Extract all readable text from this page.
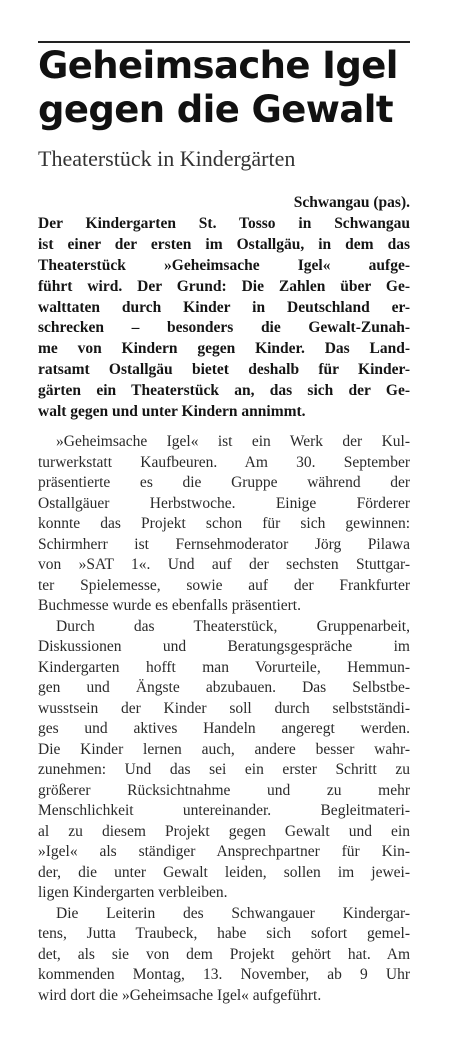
Geheimsache Igel
gegen die Gewalt
Theaterstück in Kindergärten
Schwangau (pas).
Der Kindergarten St. Tosso in Schwangau
ist einer der ersten im Ostallgäu, in dem das
Theaterstück »Geheimsache Igel« aufge-
führt wird. Der Grund: Die Zahlen über Ge-
walttaten durch Kinder in Deutschland er-
schrecken – besonders die Gewalt-Zunah-
me von Kindern gegen Kinder. Das Land-
ratsamt Ostallgäu bietet deshalb für Kinder-
gärten ein Theaterstück an, das sich der Ge-
walt gegen und unter Kindern annimmt.
»Geheimsache Igel« ist ein Werk der Kul-
turwerkstatt Kaufbeuren. Am 30. September
präsentierte es die Gruppe während der
Ostallgäuer Herbstwoche. Einige Förderer
konnte das Projekt schon für sich gewinnen:
Schirmherr ist Fernsehmoderator Jörg Pilawa
von »SAT 1«. Und auf der sechsten Stuttgar-
ter Spielemesse, sowie auf der Frankfurter
Buchmesse wurde es ebenfalls präsentiert.
Durch das Theaterstück, Gruppenarbeit,
Diskussionen und Beratungsgespräche im
Kindergarten hofft man Vorurteile, Hemmun-
gen und Ängste abzubauen. Das Selbstbe-
wusstsein der Kinder soll durch selbstständi-
ges und aktives Handeln angeregt werden.
Die Kinder lernen auch, andere besser wahr-
zunehmen: Und das sei ein erster Schritt zu
größerer Rücksichtnahme und zu mehr
Menschlichkeit untereinander. Begleitmateri-
al zu diesem Projekt gegen Gewalt und ein
»Igel« als ständiger Ansprechpartner für Kin-
der, die unter Gewalt leiden, sollen im jewei-
ligen Kindergarten verbleiben.
Die Leiterin des Schwangauer Kindergar-
tens, Jutta Traubeck, habe sich sofort gemel-
det, als sie von dem Projekt gehört hat. Am
kommenden Montag, 13. November, ab 9 Uhr
wird dort die »Geheimsache Igel« aufgeführt.
